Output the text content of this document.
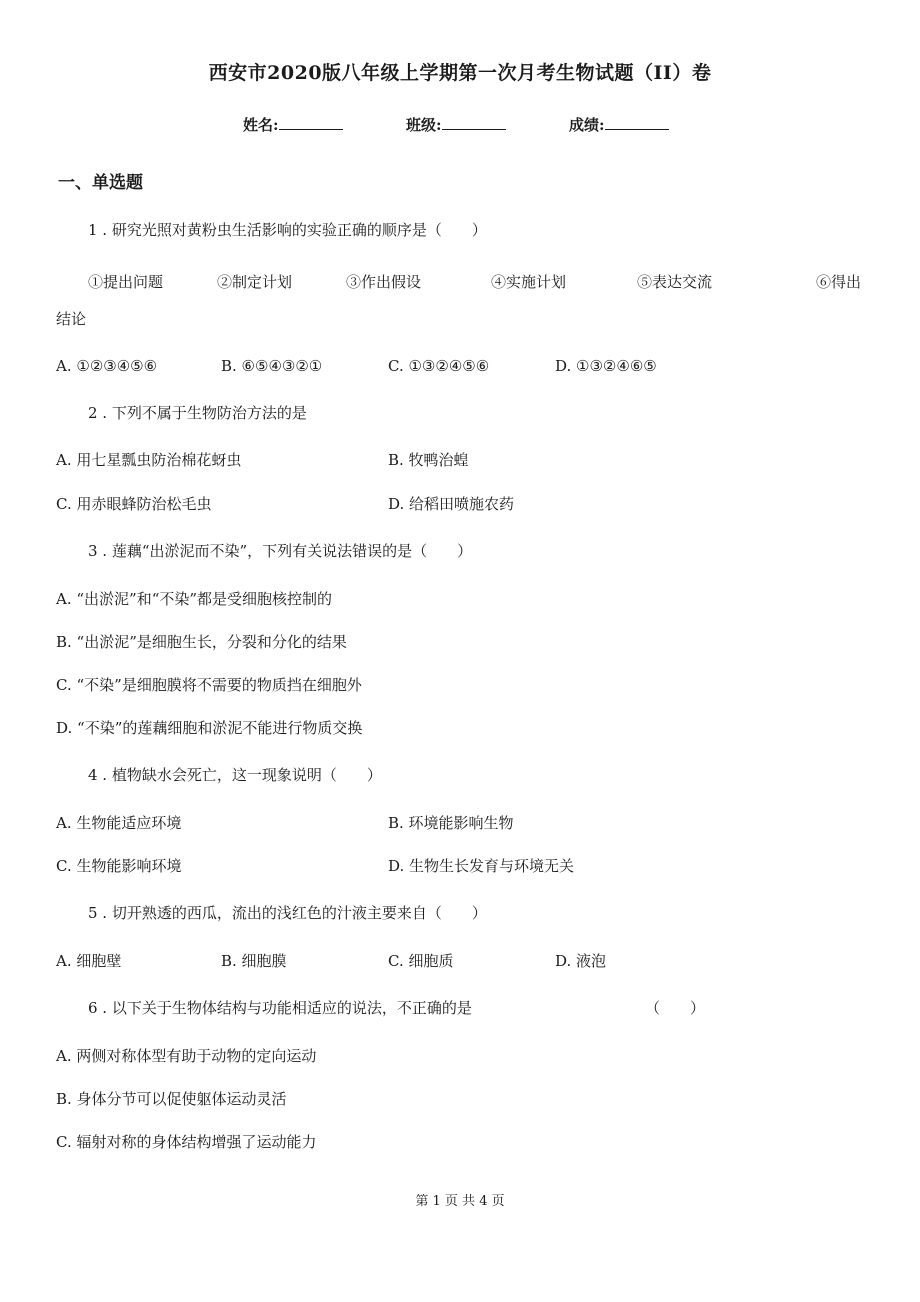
西安市2020版八年级上学期第一次月考生物试题（II）卷
姓名:	班级:	成绩:
一、单选题
1 . 研究光照对黄粉虫生活影响的实验正确的顺序是（　　）
①提出问题	②制定计划	③作出假设	④实施计划	⑤表达交流	⑥得出
结论
A. ①②③④⑤⑥	B. ⑥⑤④③②①	C. ①③②④⑤⑥	D. ①③②④⑥⑤
2 . 下列不属于生物防治方法的是
A. 用七星瓢虫防治棉花蚜虫	B. 牧鸭治蝗
C. 用赤眼蜂防治松毛虫	D. 给稻田喷施农药
3 . 莲藕“出淤泥而不染”，下列有关说法错误的是（　　）
A. “出淤泥”和“不染”都是受细胞核控制的
B. “出淤泥”是细胞生长，分裂和分化的结果
C. “不染”是细胞膜将不需要的物质挡在细胞外
D. “不染”的莲藕细胞和淤泥不能进行物质交换
4 . 植物缺水会死亡，这一现象说明（　　）
A. 生物能适应环境	B. 环境能影响生物
C. 生物能影响环境	D. 生物生长发育与环境无关
5 . 切开熟透的西瓜，流出的浅红色的汁液主要来自（　　）
A. 细胞壁	B. 细胞膜	C. 细胞质	D. 液泡
6 . 以下关于生物体结构与功能相适应的说法，不正确的是	（　　）
A. 两侧对称体型有助于动物的定向运动
B. 身体分节可以促使躯体运动灵活
C. 辐射对称的身体结构增强了运动能力
第 1 页 共 4 页
